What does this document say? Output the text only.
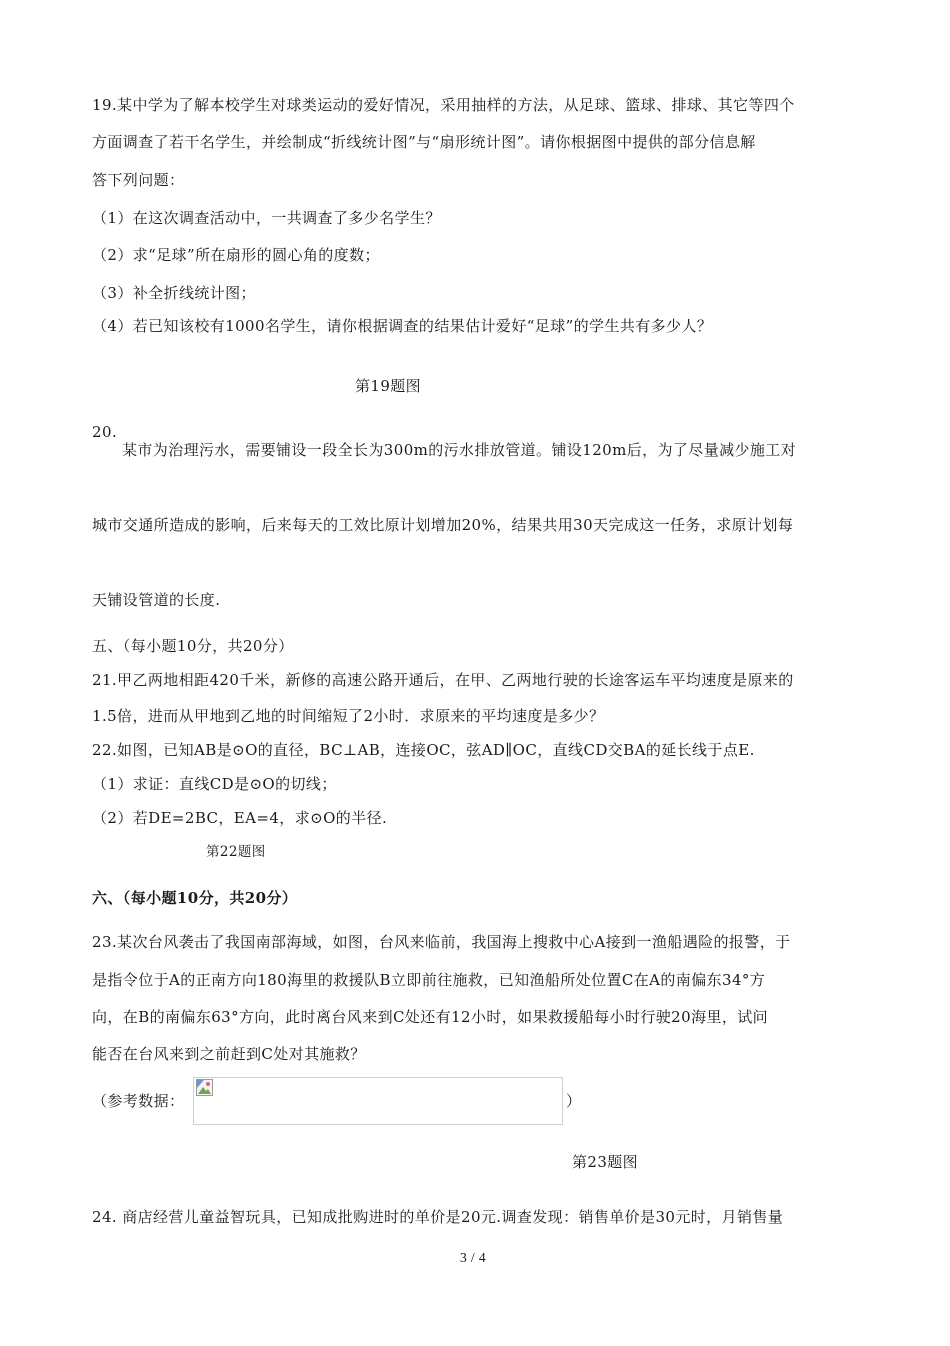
19.某中学为了解本校学生对球类运动的爱好情况，采用抽样的方法，从足球、篮球、排球、其它等四个
方面调查了若干名学生，并绘制成“折线统计图”与“扇形统计图”。请你根据图中提供的部分信息解
答下列问题：
（1）在这次调查活动中，一共调查了多少名学生？
（2）求“足球”所在扇形的圆心角的度数；
（3）补全折线统计图；
（4）若已知该校有1000名学生，请你根据调查的结果估计爱好“足球”的学生共有多少人？
第19题图
20.
某市为治理污水，需要铺设一段全长为300m的污水排放管道。铺设120m后，为了尽量减少施工对
城市交通所造成的影响，后来每天的工效比原计划增加20%，结果共用30天完成这一任务，求原计划每
天铺设管道的长度.
五、（每小题10分，共20分）
21.甲乙两地相距420千米，新修的高速公路开通后，在甲、乙两地行驶的长途客运车平均速度是原来的
1.5倍，进而从甲地到乙地的时间缩短了2小时．求原来的平均速度是多少？
22.如图，已知AB是⊙O的直径，BC⊥AB，连接OC，弦AD∥OC，直线CD交BA的延长线于点E.
（1）求证：直线CD是⊙O的切线；
（2）若DE=2BC，EA=4，求⊙O的半径.
第22题图
六、（每小题10分，共20分）
23.某次台风袭击了我国南部海域，如图，台风来临前，我国海上搜救中心A接到一渔船遇险的报警，于
是指令位于A的正南方向180海里的救援队B立即前往施救，已知渔船所处位置C在A的南偏东34°方
向，在B的南偏东63°方向，此时离台风来到C处还有12小时，如果救援船每小时行驶20海里，试问
能否在台风来到之前赶到C处对其施救？
（参考数据：	）
第23题图
24. 商店经营儿童益智玩具，已知成批购进时的单价是20元.调查发现：销售单价是30元时，月销售量
3 / 4
